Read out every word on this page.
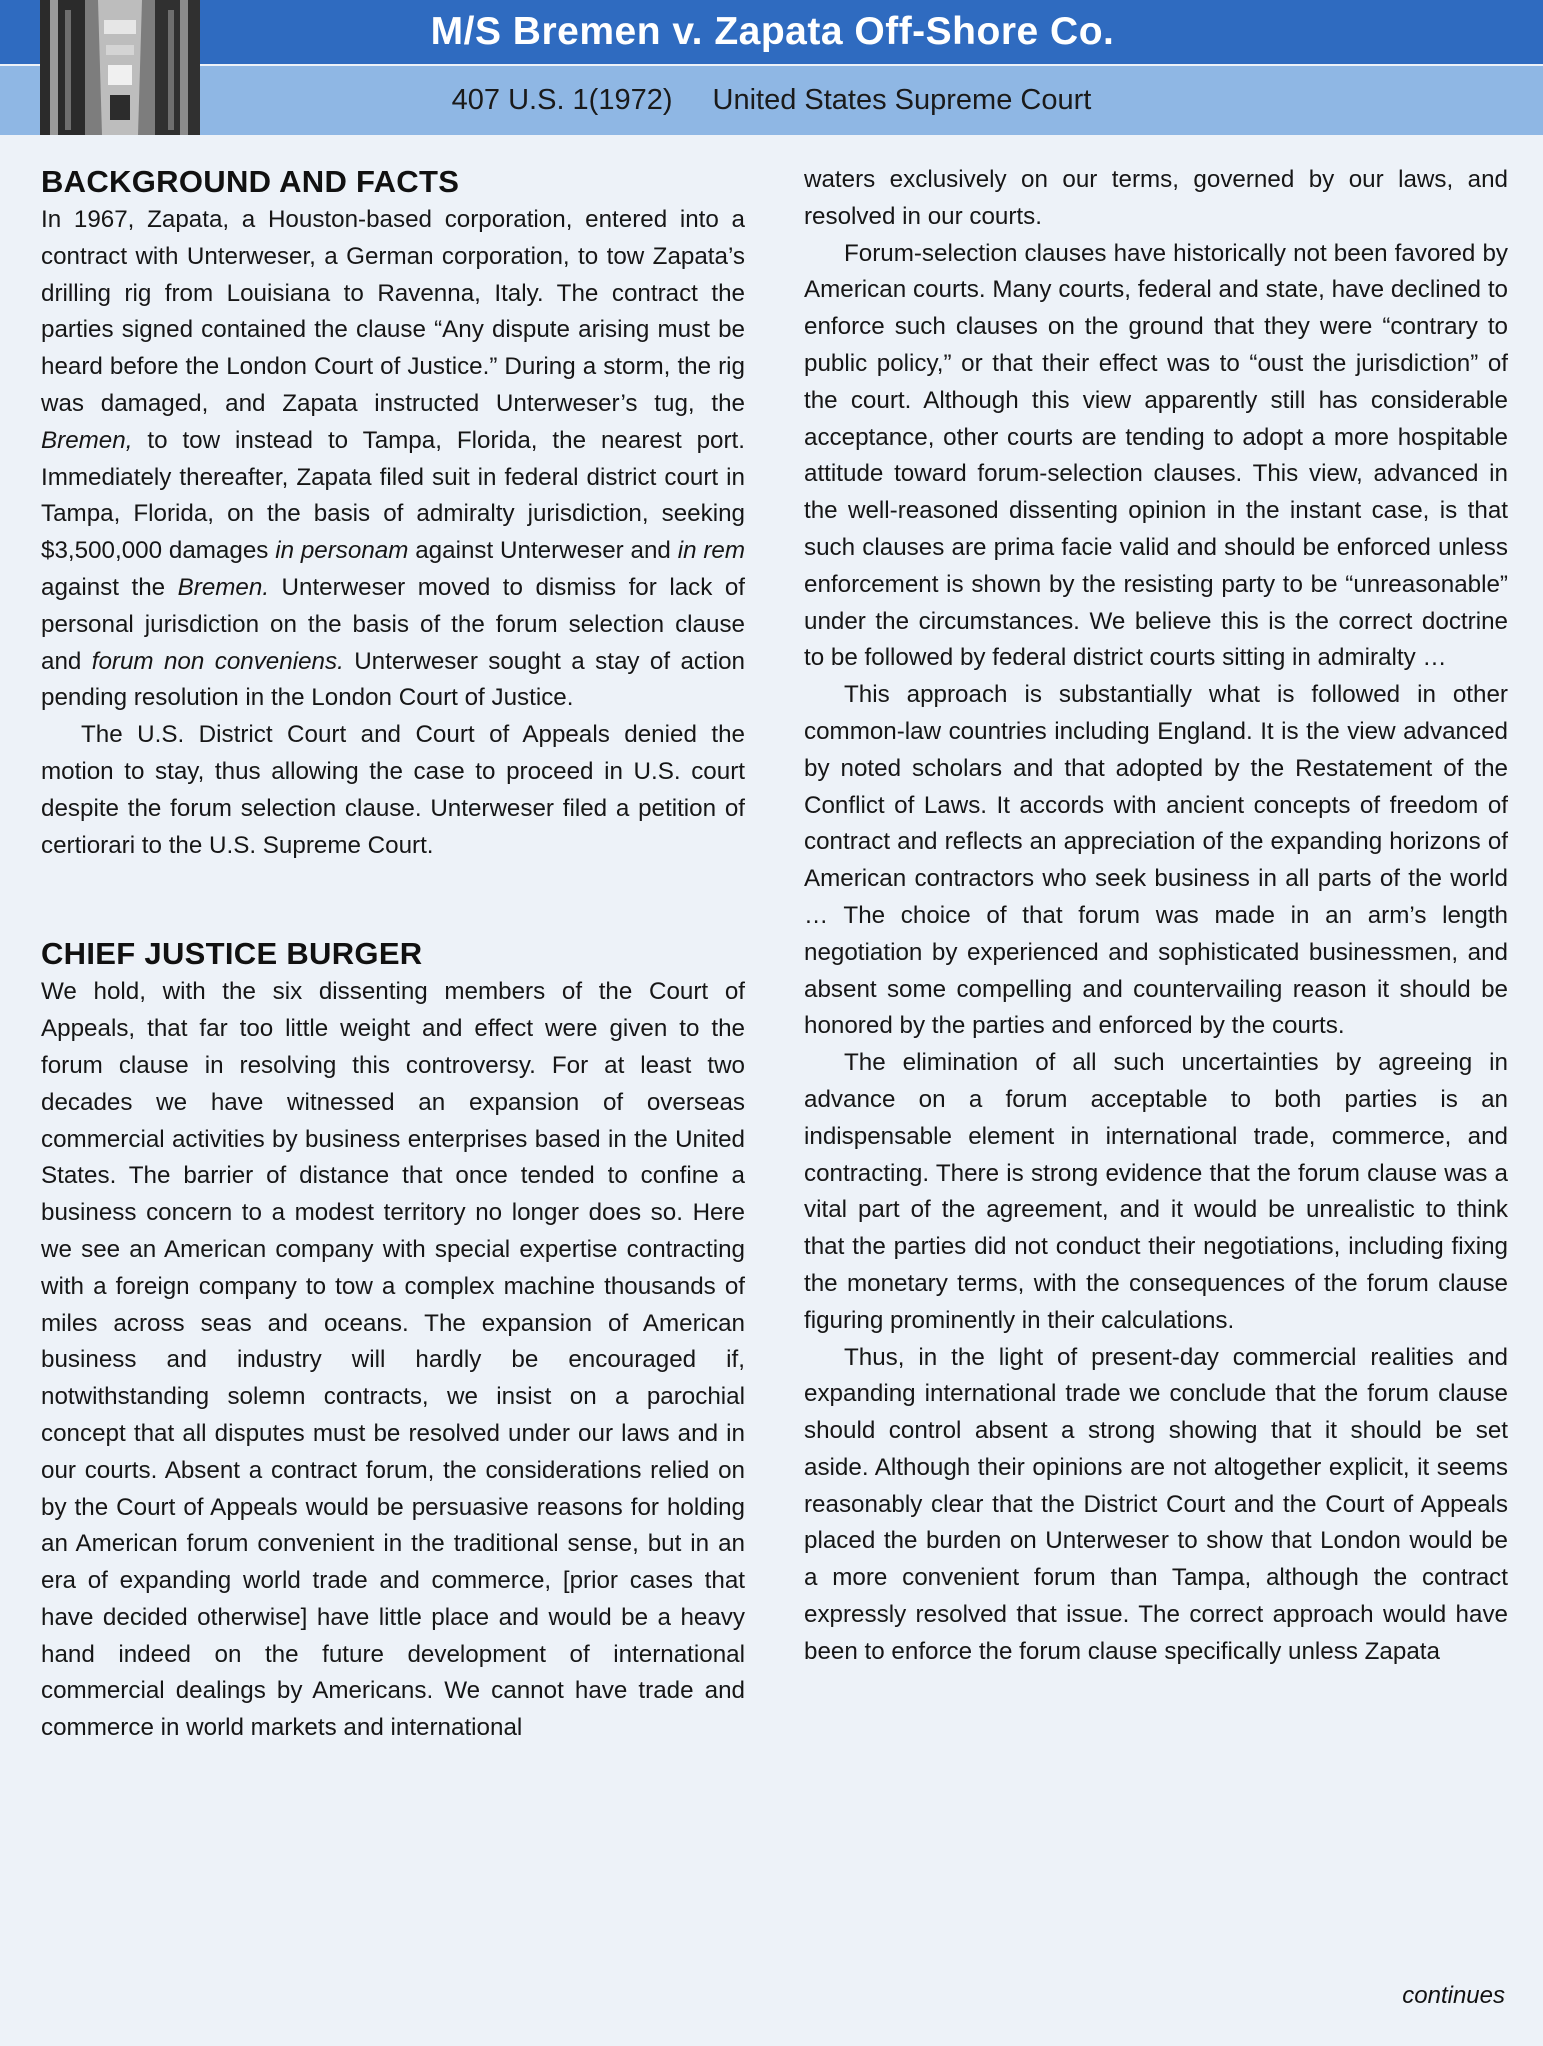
M/S Bremen v. Zapata Off-Shore Co.
407 U.S. 1(1972) United States Supreme Court
BACKGROUND AND FACTS

In 1967, Zapata, a Houston-based corporation, entered into a contract with Unterweser, a German corporation, to tow Zapata’s drilling rig from Louisiana to Ravenna, Italy. The contract the parties signed contained the clause “Any dispute arising must be heard before the London Court of Justice.” During a storm, the rig was damaged, and Zapata instructed Unterweser’s tug, the Bremen, to tow instead to Tampa, Florida, the nearest port. Immediately thereafter, Zapata filed suit in federal district court in Tampa, Florida, on the basis of admiralty jurisdiction, seeking $3,500,000 damages in personam against Unterweser and in rem against the Bremen. Unterweser moved to dismiss for lack of personal jurisdiction on the basis of the forum selection clause and forum non conveniens. Unterweser sought a stay of action pending resolution in the London Court of Justice.

The U.S. District Court and Court of Appeals denied the motion to stay, thus allowing the case to proceed in U.S. court despite the forum selection clause. Unterweser filed a petition of certiorari to the U.S. Supreme Court.

CHIEF JUSTICE BURGER

We hold, with the six dissenting members of the Court of Appeals, that far too little weight and effect were given to the forum clause in resolving this controversy. For at least two decades we have witnessed an expansion of overseas commercial activities by business enterprises based in the United States. The barrier of distance that once tended to confine a business concern to a modest territory no longer does so. Here we see an American company with special expertise contracting with a foreign company to tow a complex machine thousands of miles across seas and oceans. The expansion of American business and industry will hardly be encouraged if, notwithstanding solemn contracts, we insist on a parochial concept that all disputes must be resolved under our laws and in our courts. Absent a contract forum, the considerations relied on by the Court of Appeals would be persuasive reasons for holding an American forum convenient in the traditional sense, but in an era of expanding world trade and commerce, [prior cases that have decided otherwise] have little place and would be a heavy hand indeed on the future development of international commercial dealings by Americans. We cannot have trade and commerce in world markets and international

waters exclusively on our terms, governed by our laws, and resolved in our courts.

Forum-selection clauses have historically not been favored by American courts. Many courts, federal and state, have declined to enforce such clauses on the ground that they were “contrary to public policy,” or that their effect was to “oust the jurisdiction” of the court. Although this view apparently still has considerable acceptance, other courts are tending to adopt a more hospitable attitude toward forum-selection clauses. This view, advanced in the well-reasoned dissenting opinion in the instant case, is that such clauses are prima facie valid and should be enforced unless enforcement is shown by the resisting party to be “unreasonable” under the circumstances. We believe this is the correct doctrine to be followed by federal district courts sitting in admiralty …

This approach is substantially what is followed in other common-law countries including England. It is the view advanced by noted scholars and that adopted by the Restatement of the Conflict of Laws. It accords with ancient concepts of freedom of contract and reflects an appreciation of the expanding horizons of American contractors who seek business in all parts of the world … The choice of that forum was made in an arm’s length negotiation by experienced and sophisticated businessmen, and absent some compelling and countervailing reason it should be honored by the parties and enforced by the courts.

The elimination of all such uncertainties by agreeing in advance on a forum acceptable to both parties is an indispensable element in international trade, commerce, and contracting. There is strong evidence that the forum clause was a vital part of the agreement, and it would be unrealistic to think that the parties did not conduct their negotiations, including fixing the monetary terms, with the consequences of the forum clause figuring prominently in their calculations.

Thus, in the light of present-day commercial realities and expanding international trade we conclude that the forum clause should control absent a strong showing that it should be set aside. Although their opinions are not altogether explicit, it seems reasonably clear that the District Court and the Court of Appeals placed the burden on Unterweser to show that London would be a more convenient forum than Tampa, although the contract expressly resolved that issue. The correct approach would have been to enforce the forum clause specifically unless Zapata

continues
